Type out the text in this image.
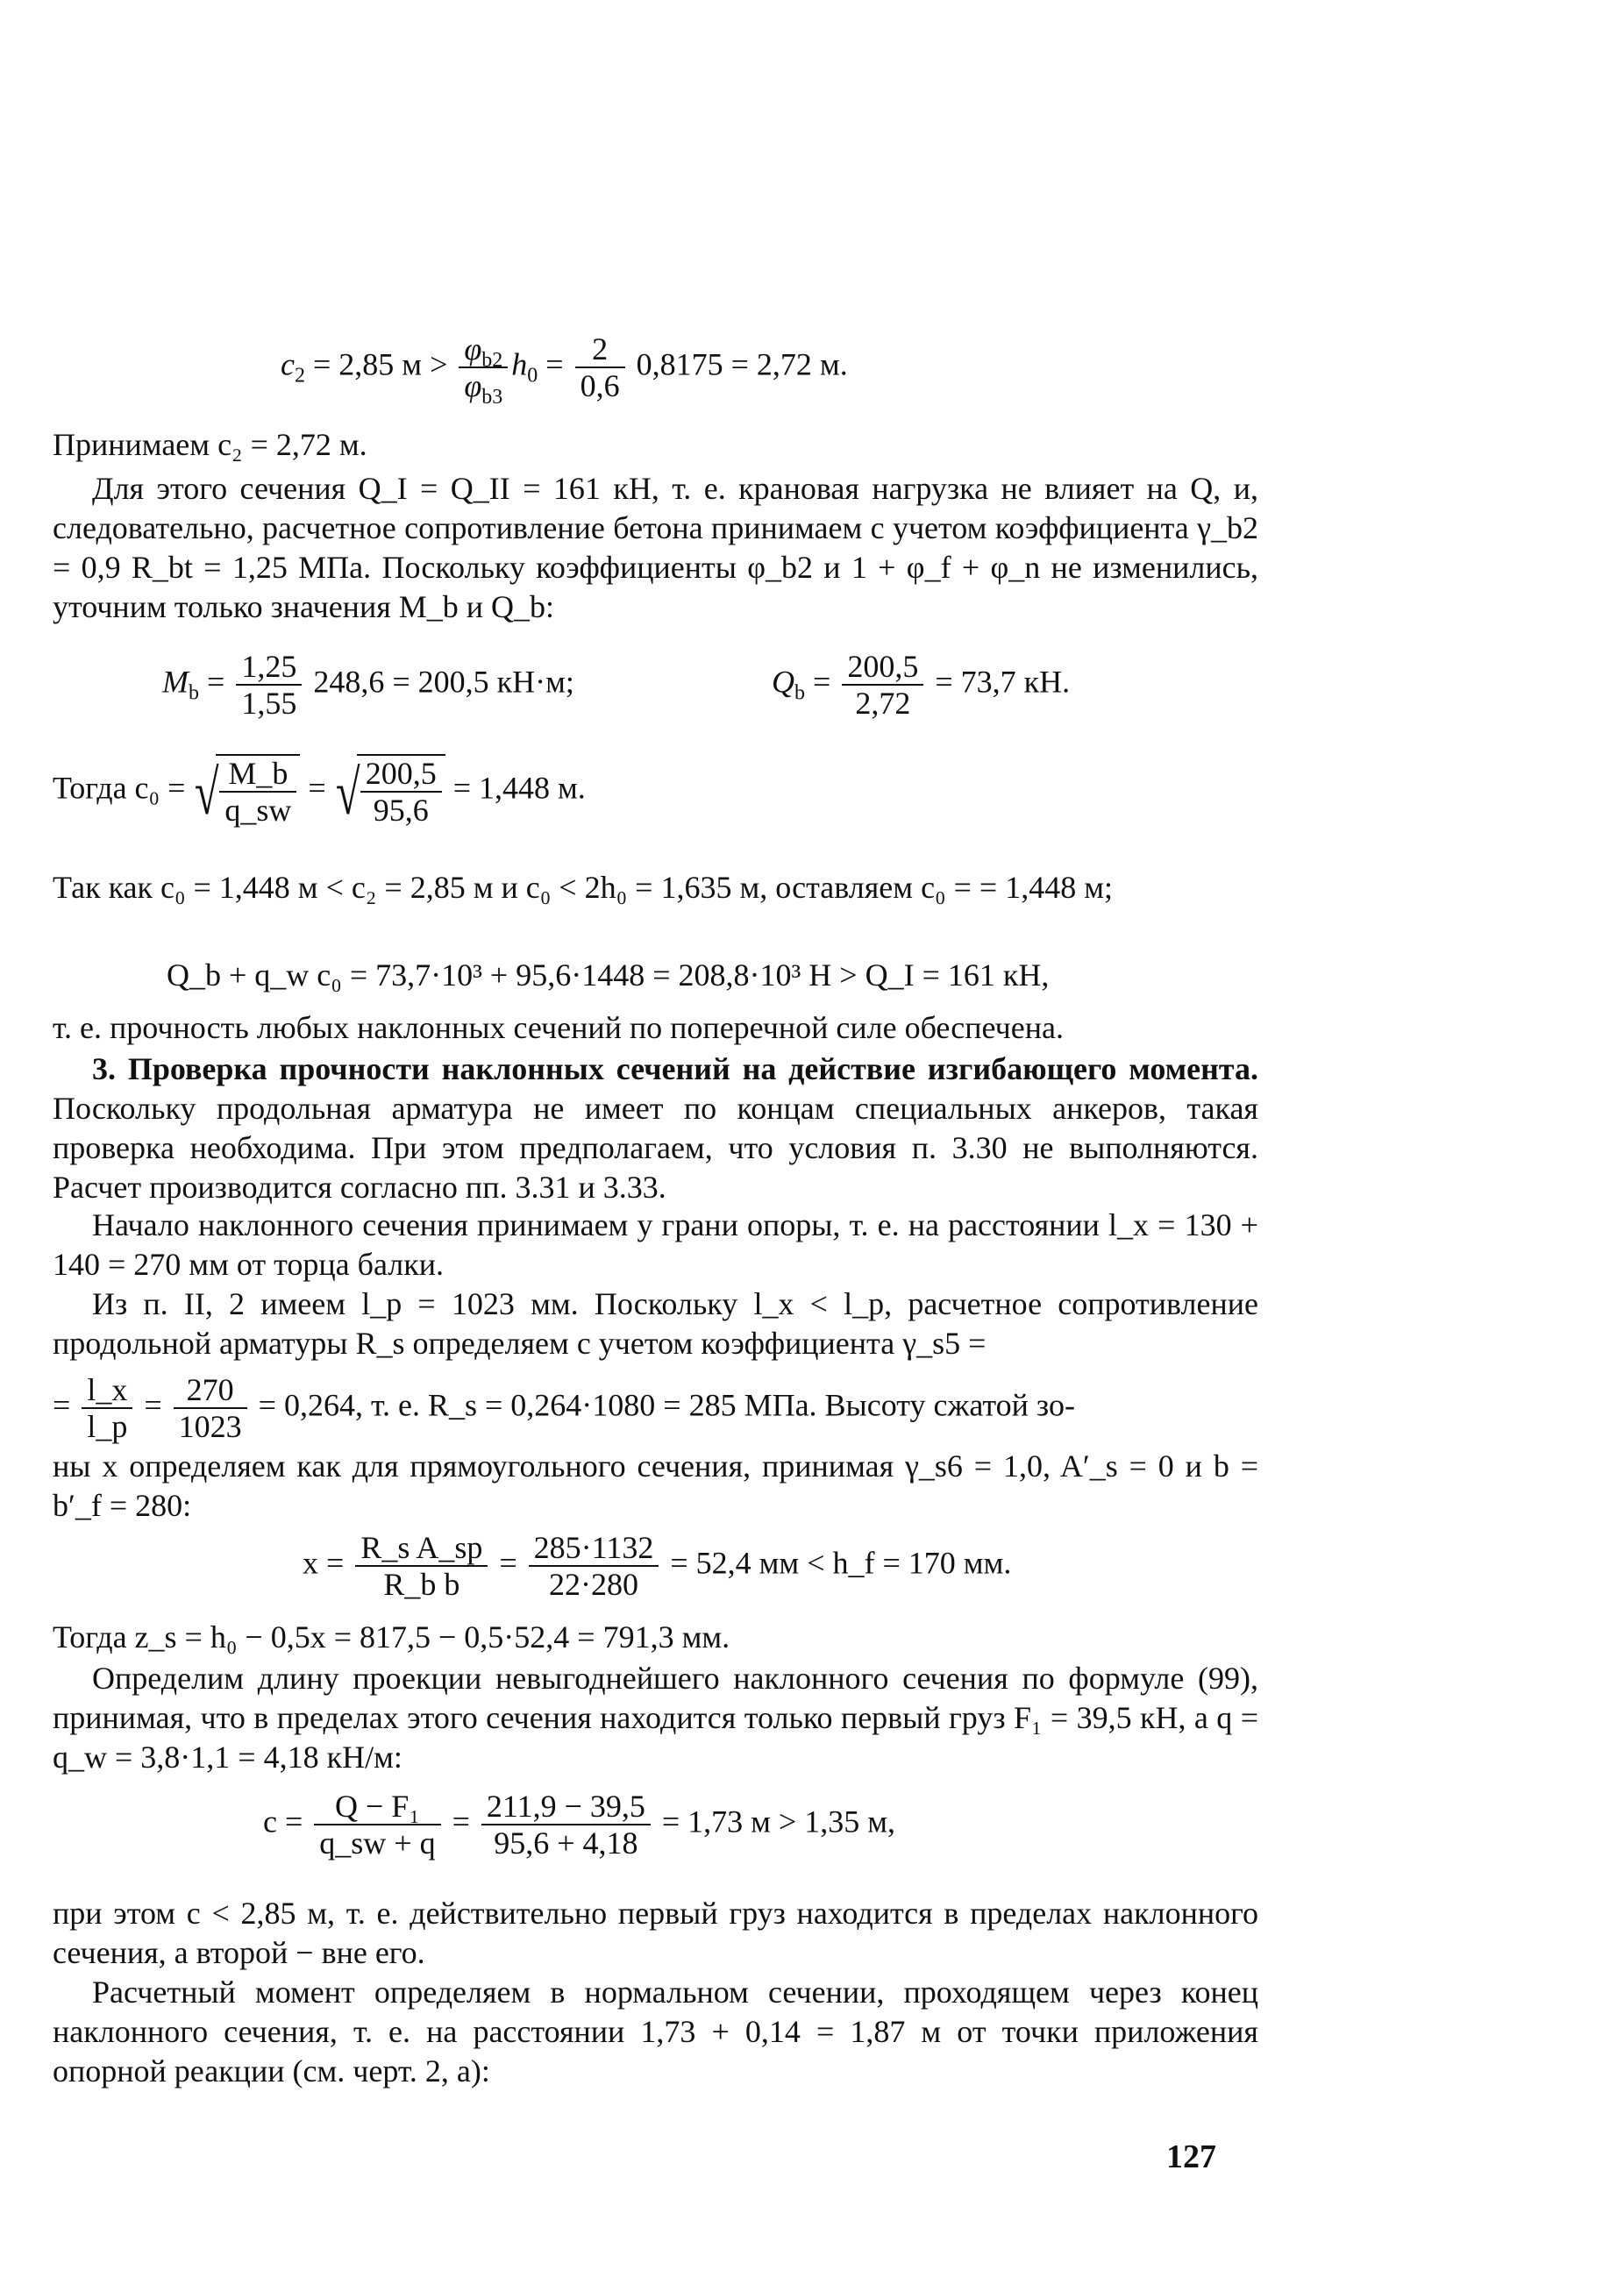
$c_2 = 2,85$ $м > \frac{\varphi_{b2}}{\varphi_{b3}} h_0 = \frac{2}{0,6} 0,8175 = 2,72$ м.
Принимаем c₂ = 2,72 м.
Для этого сечения Q_I = Q_II = 161 кН, т. е. крановая нагрузка не влияет на Q, и, следовательно, расчетное сопротивление бетона принимаем с учетом коэффициента γ_b2 = 0,9 R_bt = 1,25 МПа. Поскольку коэффициенты φ_b2 и 1 + φ_f + φ_n не изменились, уточним только значения M_b и Q_b:
$M_b = \frac{1,25}{1,55} 248,6 = 200,5$ кН·м;	$Q_b = \frac{200,5}{2,72} = 73,7$ кН.
Тогда c₀ = √ $\frac{M\_b}{q\_sw}$ = √ $\frac{200,5}{95,6} = 1,448$ м.
Так как c₀ = 1,448 м < c₂ = 2,85 м и c₀ < 2h₀ = 1,635 м, оставляем c₀ = = 1,448 м;
Q_b + q_w c₀ = 73,7·10³ + 95,6·1448 = 208,8·10³ Н > Q_I = 161 кН,
т. е. прочность любых наклонных сечений по поперечной силе обеспечена.
3. Проверка прочности наклонных сечений на действие изгибающего момента. Поскольку продольная арматура не имеет по концам специальных анкеров, такая проверка необходима. При этом предполагаем, что условия п. 3.30 не выполняются. Расчет производится согласно пп. 3.31 и 3.33.
Начало наклонного сечения принимаем у грани опоры, т. е. на расстоянии l_x = 130 + 140 = 270 мм от торца балки.
Из п. II, 2 имеем l_p = 1023 мм. Поскольку l_x < l_p, расчетное сопротивление продольной арматуры R_s определяем с учетом коэффициента γ_s5 =
= $\frac{l\_x}{l\_p} = \frac{270}{1023} = 0,264$, т. е. R_s = 0,264·1080 = 285 МПа. Высоту сжатой зо-
ны x определяем как для прямоугольного сечения, принимая γ_s6 = 1,0, A′_s = 0 и b = b′_f = 280:
$x = \frac{\text{R\_s A\_sp}}{\text{R\_b b}} = \frac{285\cdot 1132}{22\cdot 280} = 52,4$ мм < h_f = 170 мм.
Тогда z_s = h₀ − 0,5x = 817,5 − 0,5·52,4 = 791,3 мм.
Определим длину проекции невыгоднейшего наклонного сечения по формуле (99), принимая, что в пределах этого сечения находится только первый груз F₁ = 39,5 кН, а q = q_w = 3,8·1,1 = 4,18 кН/м:
$c = \frac{\text{Q − F₁}}{q\_sw + q} = \frac{211,9 - 39,5}{95,6 + 4,18} = 1,73$ м > 1,35 м,
при этом c < 2,85 м, т. е. действительно первый груз находится в пределах наклонного сечения, а второй − вне его.
Расчетный момент определяем в нормальном сечении, проходящем через конец наклонного сечения, т. е. на расстоянии 1,73 + 0,14 = 1,87 м от точки приложения опорной реакции (см. черт. 2, a):
127
